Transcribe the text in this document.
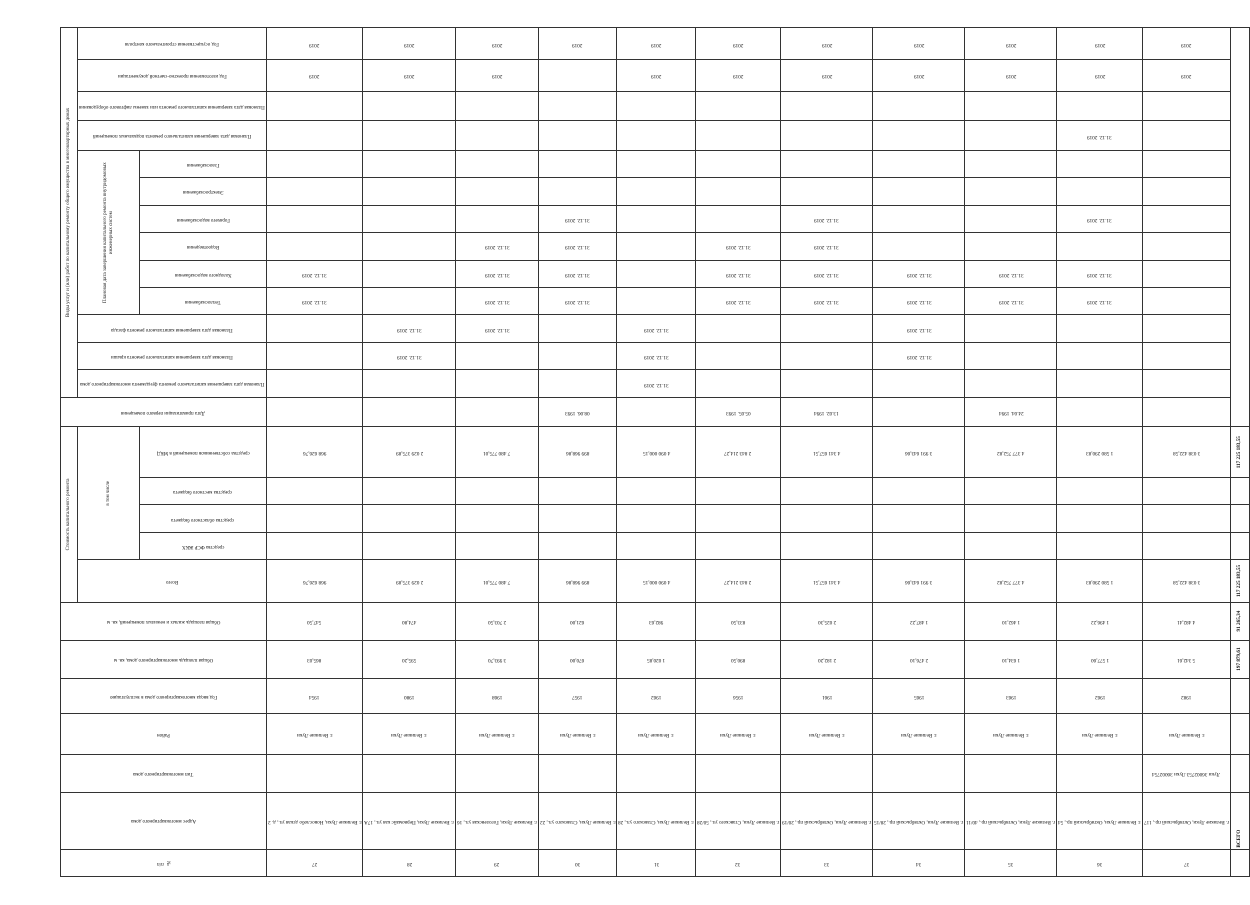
№ п/п	Адрес многоквартирного дома	Тип многоквартирного дома	Район	Год ввода многоквартирного дома в эксплуатацию	Общая площадь многоквартирного дома, кв. м	Общая площадь жилых и нежилых помещений, кв. м	Стоимость капитального ремонта					Дата приватизации первого помещения	Виды услуг и (или) работ по капитальному ремонту общего имущества в многоквартирных домах												

							Всего	в том числе					Плановая дата завершения капитального ремонта фундамента многоквартирного дома	Плановая дата завершения капитального ремонта крыши	Плановая дата завершения капитального ремонта фасада	Плановая дата завершения капитального ремонта внутридомовых инженерных систем						Плановая дата завершения капитального ремонта подвальных помещений	Плановая дата завершения капитального ремонта или замены лифтового оборудования	Год изготовления проектно-сметной документации	Год осуществления строительного контроля

								средства ФСР ЖКХ	средства областного бюджета	средства местного бюджета	средства собственников помещений в МКД					Теплоснабжения	Холодного водоснабжения	Водоотведения	Горячего водоснабжения	Электроснабжения	Газоснабжения				

27	г. Великие Луки, Новослобо дская ул., д. 2		г. Великие Луки	1954	865,03	547,50	968 626,76				968 626,76					31.12. 2019	31.12. 2019							2019	2019

28	г. Великие Луки, Первомайс кая ул., 17А		г. Великие Луки	1980	595,20	474,80	2 029 375,89				2 029 375,89			31.12. 2019	31.12. 2019									2019	2019

29	г. Великие Луки, Гоголевская ул., 16		г. Великие Луки	1968	3 993,70	2 703,50	7 480 775,01				7 480 775,01				31.12. 2019	31.12. 2019	31.12. 2019	31.12. 2019						2019	2019

30	г. Великие Луки, Ставского ул., 22		г. Великие Луки	1957	670,00	621,00	899 968,86				899 968,86	08.06. 1993				31.12. 2019	31.12. 2019	31.12. 2019	31.12. 2019						2019

31	г. Великие Луки, Ставского ул., 28		г. Великие Луки	1962	1 020,85	982,63	4 090 000,15				4 090 000,15		31.12. 2019	31.12. 2019	31.12. 2019									2019	2019

32	г. Великие Луки, Ставского ул., 50/28		г. Великие Луки	1956	890,50	833,50	2 843 214,27				2 843 214,27	05.05. 1993				31.12. 2019	31.12. 2019	31.12. 2019						2019	2019

33	г. Великие Луки, Октябрьский пр., 20/19		г. Великие Луки	1961	2 182,20	2 025,30	4 341 657,51				4 341 657,51	13.02. 1994				31.12. 2019	31.12. 2019	31.12. 2019	31.12. 2019					2019	2019

34	г. Великие Луки, Октябрьский пр., 28/15		г. Великие Луки	1965	2 476,10	1 487,22	3 991 643,66				3 991 643,66			31.12. 2019	31.12. 2019	31.12. 2019	31.12. 2019							2019	2019

35	г. Великие Луки, Октябрьский пр., 40/11		г. Великие Луки	1963	1 634,10	1 462,10	4 377 752,82				4 377 752,82	24.04. 1994				31.12. 2019	31.12. 2019							2019	2019

36	г. Великие Луки, Октябрьский пр., 54		г. Великие Луки	1962	1 577,60	1 496,22	1 580 290,83				1 580 290,83					31.12. 2019	31.12. 2019		31.12. 2019			31.12. 2019		2019	2019

37	г. Великие Луки, Октябрьский пр., 117	Луки 36002753 Луки 36002754	г. Великие Луки	1982	5 342,61	4 482,41	3 038 422,58				3 038 422,58													2019	2019

	ВСЕГО				197 879,61	91 265,34	117 225 183,55				117 225 183,55														
